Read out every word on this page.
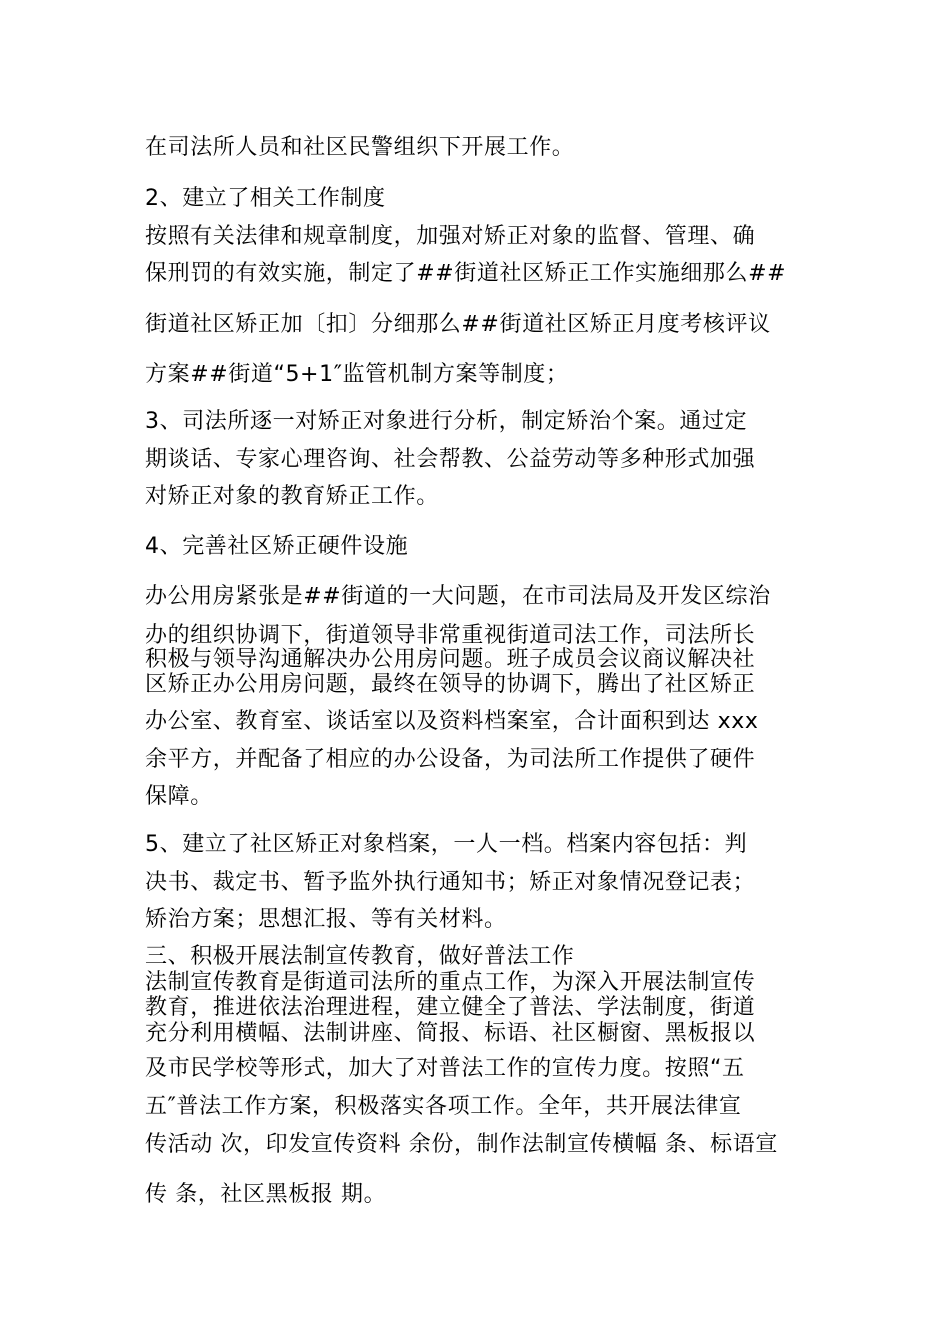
在司法所人员和社区民警组织下开展工作。
2、建立了相关工作制度
按照有关法律和规章制度，加强对矫正对象的监督、管理、确
保刑罚的有效实施，制定了##街道社区矫正工作实施细那么##
街道社区矫正加〔扣〕分细那么##街道社区矫正月度考核评议
方案##街道“5+1″监管机制方案等制度；
3、司法所逐一对矫正对象进行分析，制定矫治个案。通过定
期谈话、专家心理咨询、社会帮教、公益劳动等多种形式加强
对矫正对象的教育矫正工作。
4、完善社区矫正硬件设施
办公用房紧张是##街道的一大问题，在市司法局及开发区综治
办的组织协调下，街道领导非常重视街道司法工作，司法所长
积极与领导沟通解决办公用房问题。班子成员会议商议解决社
区矫正办公用房问题，最终在领导的协调下，腾出了社区矫正
办公室、教育室、谈话室以及资料档案室，合计面积到达 xxx
余平方，并配备了相应的办公设备，为司法所工作提供了硬件
保障。
5、建立了社区矫正对象档案，一人一档。档案内容包括：判
决书、裁定书、暂予监外执行通知书；矫正对象情况登记表；
矫治方案；思想汇报、等有关材料。
三、积极开展法制宣传教育，做好普法工作
法制宣传教育是街道司法所的重点工作，为深入开展法制宣传
教育，推进依法治理进程，建立健全了普法、学法制度，街道
充分利用横幅、法制讲座、简报、标语、社区橱窗、黑板报以
及市民学校等形式，加大了对普法工作的宣传力度。按照“五
五″普法工作方案，积极落实各项工作。全年，共开展法律宣
传活动 次，印发宣传资料 余份，制作法制宣传横幅 条、标语宣
传 条，社区黑板报 期。
